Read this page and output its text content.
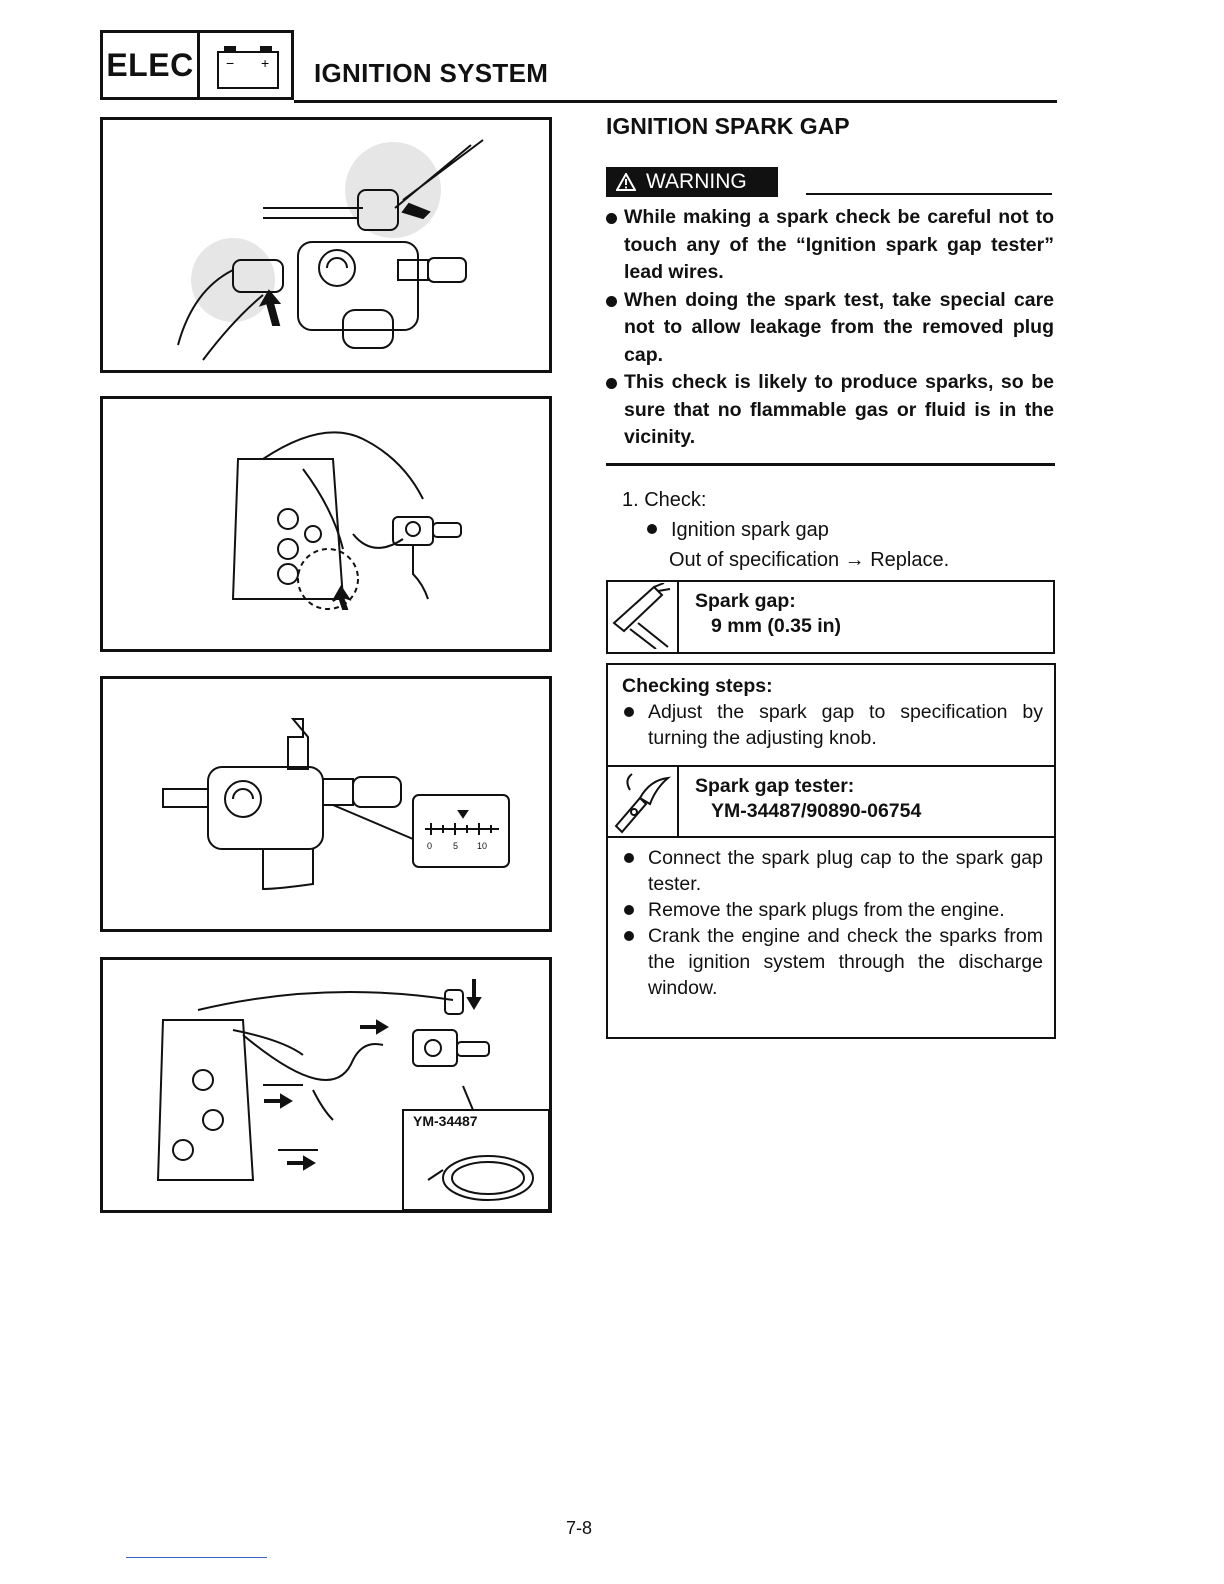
ELEC − + IGNITION SYSTEM
0 5 10
YM-34487
IGNITION SPARK GAP
WARNING
While making a spark check be careful not to touch any of the “Ignition spark gap tester” lead wires.
When doing the spark test, take special care not to allow leakage from the removed plug cap.
This check is likely to produce sparks, so be sure that no flammable gas or fluid is in the vicinity.
1. Check:
Ignition spark gap
Out of specification → Replace.
Spark gap:
9 mm (0.35 in)
Checking steps:
Adjust the spark gap to specification by turning the adjusting knob.
Spark gap tester:
YM-34487/90890-06754
Connect the spark plug cap to the spark gap tester.
Remove the spark plugs from the engine.
Crank the engine and check the sparks from the ignition system through the discharge window.
7-8
